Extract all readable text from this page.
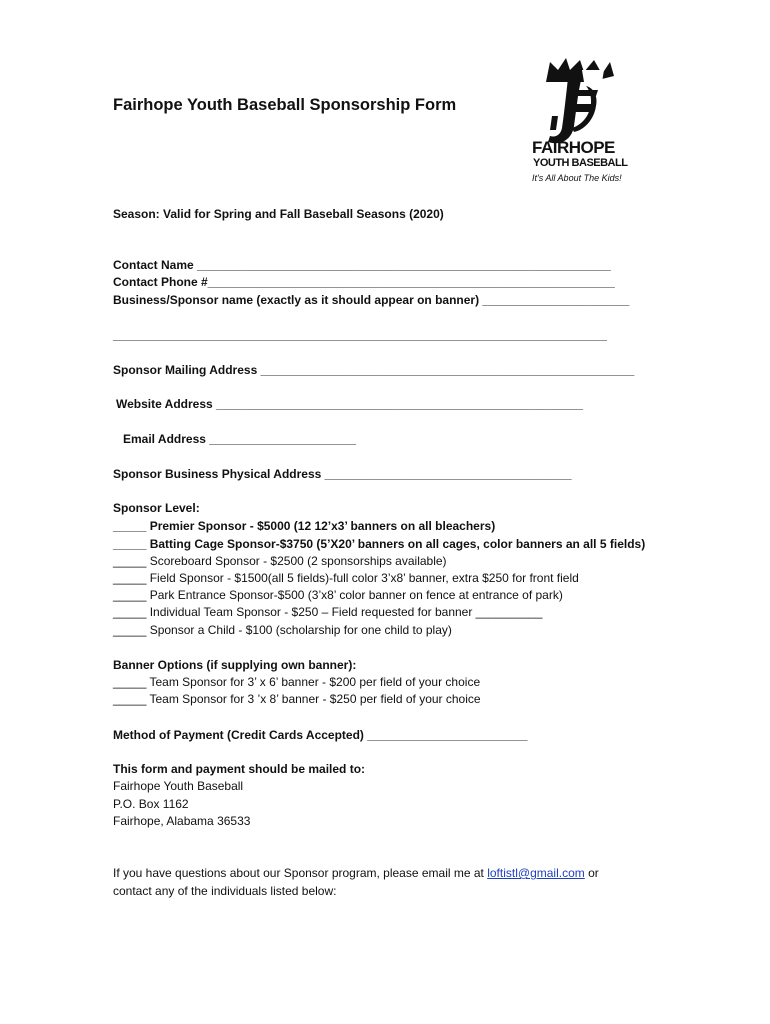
Fairhope Youth Baseball Sponsorship Form
FAIRHOPE
YOUTH BASEBALL
It's All About The Kids!
Season: Valid for Spring and Fall Baseball Seasons (2020)
Contact Name ______________________________________________________________
Contact Phone #_____________________________________________________________
Business/Sponsor name (exactly as it should appear on banner) ______________________
__________________________________________________________________________
Sponsor Mailing Address ________________________________________________________
Website Address _______________________________________________________
Email Address ______________________
Sponsor Business Physical Address _____________________________________
Sponsor Level:
_____ Premier Sponsor - $5000 (12 12’x3’ banners on all bleachers)
_____ Batting Cage Sponsor-$3750 (5’X20’ banners on all cages, color banners an all 5 fields)
_____ Scoreboard Sponsor - $2500 (2 sponsorships available)
_____ Field Sponsor - $1500(all 5 fields)-full color 3’x8’ banner, extra $250 for front field
_____ Park Entrance Sponsor-$500 (3’x8’ color banner on fence at entrance of park)
_____ Individual Team Sponsor - $250 – Field requested for banner __________
_____ Sponsor a Child - $100 (scholarship for one child to play)
Banner Options (if supplying own banner):
_____ Team Sponsor for 3’ x 6’ banner - $200 per field of your choice
_____ Team Sponsor for 3 ’x 8’ banner - $250 per field of your choice
Method of Payment (Credit Cards Accepted) ________________________
This form and payment should be mailed to:
Fairhope Youth Baseball
P.O. Box 1162
Fairhope, Alabama 36533
If you have questions about our Sponsor program, please email me at loftistl@gmail.com or
contact any of the individuals listed below:
